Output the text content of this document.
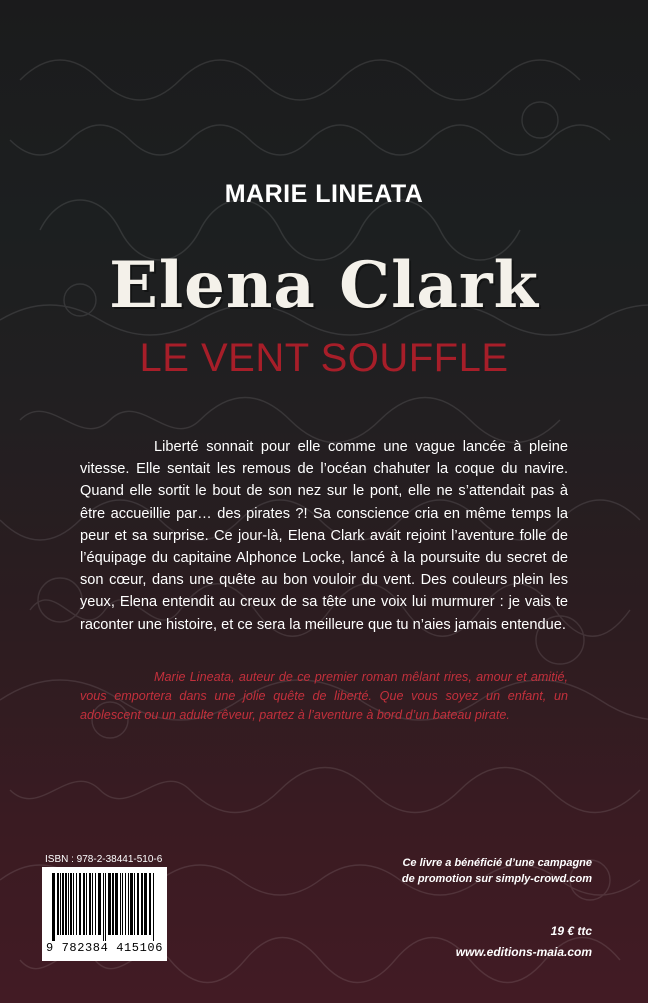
MARIE LINEATA
Elena Clark
LE VENT SOUFFLE

Liberté sonnait pour elle comme une vague lancée à pleine vitesse. Elle sentait les remous de l’océan chahuter la coque du navire. Quand elle sortit le bout de son nez sur le pont, elle ne s’attendait pas à être accueillie par… des pirates ?! Sa conscience cria en même temps la peur et sa surprise. Ce jour-là, Elena Clark avait rejoint l’aventure folle de l’équipage du capitaine Alphonce Locke, lancé à la poursuite du secret de son cœur, dans une quête au bon vouloir du vent. Des couleurs plein les yeux, Elena entendit au creux de sa tête une voix lui murmurer : je vais te raconter une histoire, et ce sera la meilleure que tu n’aies jamais entendue.

Marie Lineata, auteur de ce premier roman mêlant rires, amour et amitié, vous emportera dans une jolie quête de liberté. Que vous soyez un enfant, un adolescent ou un adulte rêveur, partez à l’aventure à bord d’un bateau pirate.

ISBN : 978-2-38441-510-6
9 782384 415106
Ce livre a bénéficié d’une campagne
de promotion sur simply-crowd.com
19 € ttc
www.editions-maia.com
